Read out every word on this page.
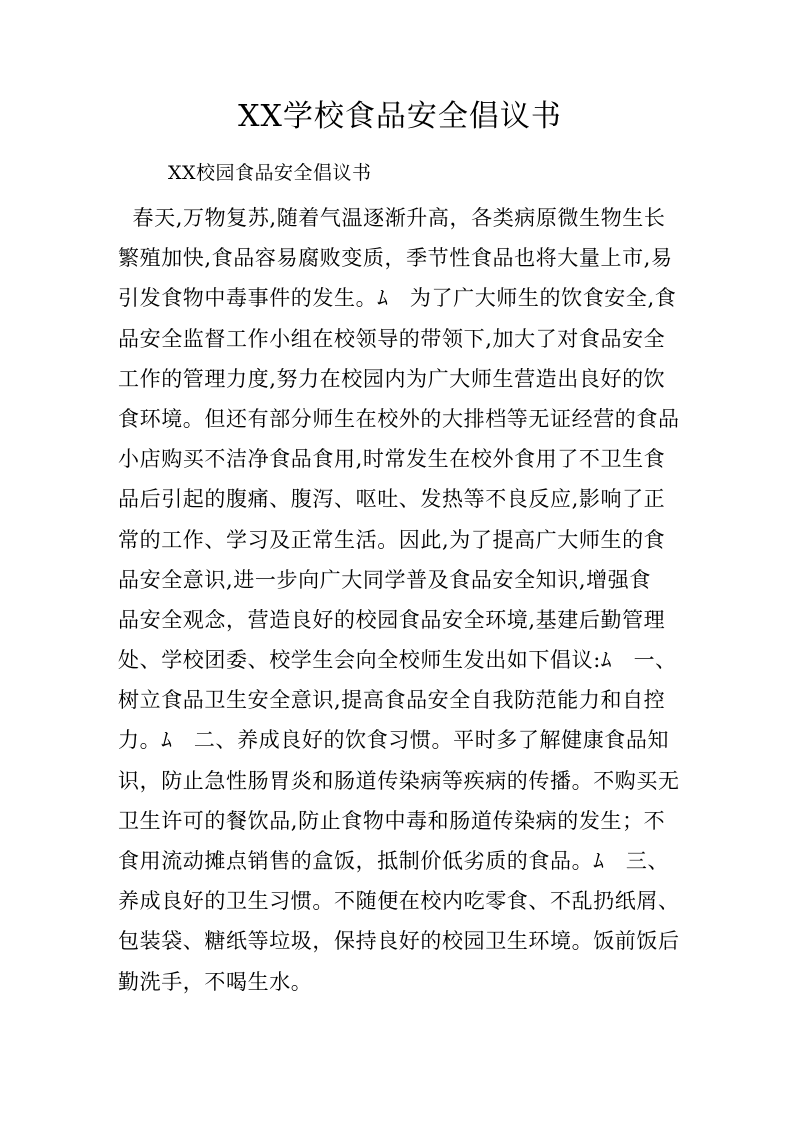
XX学校食品安全倡议书
XX校园食品安全倡议书
春天,万物复苏,随着气温逐渐升高，各类病原微生物生长
繁殖加快,食品容易腐败变质，季节性食品也将大量上市,易
引发食物中毒事件的发生。ﾑ　为了广大师生的饮食安全,食
品安全监督工作小组在校领导的带领下,加大了对食品安全
工作的管理力度,努力在校园内为广大师生营造出良好的饮
食环境。但还有部分师生在校外的大排档等无证经营的食品
小店购买不洁净食品食用,时常发生在校外食用了不卫生食
品后引起的腹痛、腹泻、呕吐、发热等不良反应,影响了正
常的工作、学习及正常生活。因此,为了提高广大师生的食
品安全意识,进一步向广大同学普及食品安全知识,增强食
品安全观念，营造良好的校园食品安全环境,基建后勤管理
处、学校团委、校学生会向全校师生发出如下倡议:ﾑ　一、
树立食品卫生安全意识,提高食品安全自我防范能力和自控
力。ﾑ　二、养成良好的饮食习惯。平时多了解健康食品知
识，防止急性肠胃炎和肠道传染病等疾病的传播。不购买无
卫生许可的餐饮品,防止食物中毒和肠道传染病的发生；不
食用流动摊点销售的盒饭，抵制价低劣质的食品。ﾑ　三、
养成良好的卫生习惯。不随便在校内吃零食、不乱扔纸屑、
包装袋、糖纸等垃圾，保持良好的校园卫生环境。饭前饭后
勤洗手，不喝生水。
